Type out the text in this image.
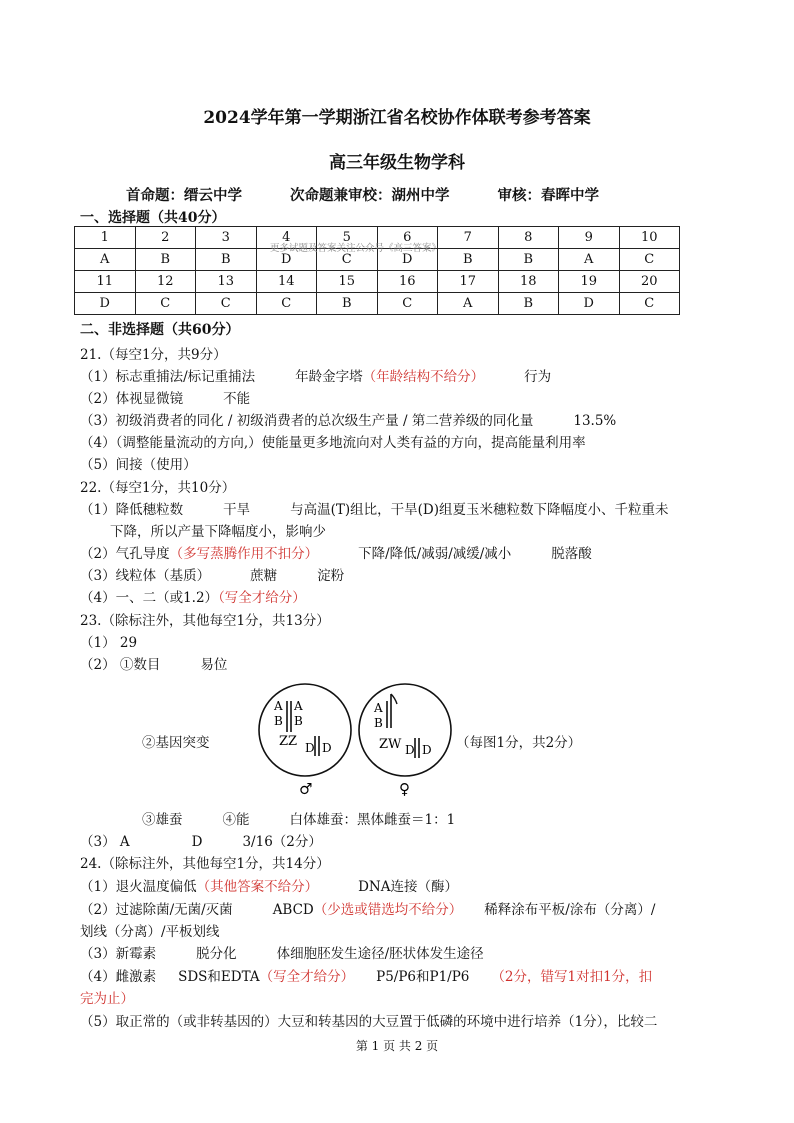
2024学年第一学期浙江省名校协作体联考参考答案
高三年级生物学科
首命题：缙云中学	次命题兼审校：湖州中学	审核：春晖中学
一、选择题（共40分）
1	2	3	4	5	6	7	8	9	10
A	B	B	D	C	D	B	B	A	C
11	12	13	14	15	16	17	18	19	20
D	C	C	C	B	C	A	B	D	C
更多试题及答案关注公众号《高三答案》
二、非选择题（共60分）
21.（每空1分，共9分）
（1）标志重捕法/标记重捕法	年龄金字塔（年龄结构不给分）	行为
（2）体视显微镜	不能
（3）初级消费者的同化 / 初级消费者的总次级生产量 / 第二营养级的同化量	13.5%
（4）（调整能量流动的方向,）使能量更多地流向对人类有益的方向，提高能量利用率
（5）间接（使用）
22.（每空1分，共10分）
（1）降低穗粒数	干旱	与高温(T)组比，干旱(D)组夏玉米穗粒数下降幅度小、千粒重未
下降，所以产量下降幅度小，影响少
（2）气孔导度（多写蒸腾作用不扣分）	下降/降低/减弱/减缓/减小	脱落酸
（3）线粒体（基质）	蔗糖	淀粉
（4）一、二（或1.2）（写全才给分）
23.（除标注外，其他每空1分，共13分）
（1） 29
（2） ①数目	易位
②基因突变
A
B
A
B
ZZ D D
♂
A
B
ZW D D
♀
（每图1分，共2分）
③雄蚕	④能	白体雄蚕：黑体雌蚕＝1：1
（3） A	D	3/16（2分）
24.（除标注外，其他每空1分，共14分）
（1）退火温度偏低（其他答案不给分）	DNA连接（酶）
（2）过滤除菌/无菌/灭菌	ABCD（少选或错选均不给分） 稀释涂布平板/涂布（分离）/
划线（分离）/平板划线
（3）新霉素	脱分化	体细胞胚发生途径/胚状体发生途径
（4）雌激素 SDS和EDTA（写全才给分） P5/P6和P1/P6 （2分，错写1对扣1分，扣
完为止）
（5）取正常的（或非转基因的）大豆和转基因的大豆置于低磷的环境中进行培养（1分），比较二
第 1 页 共 2 页
